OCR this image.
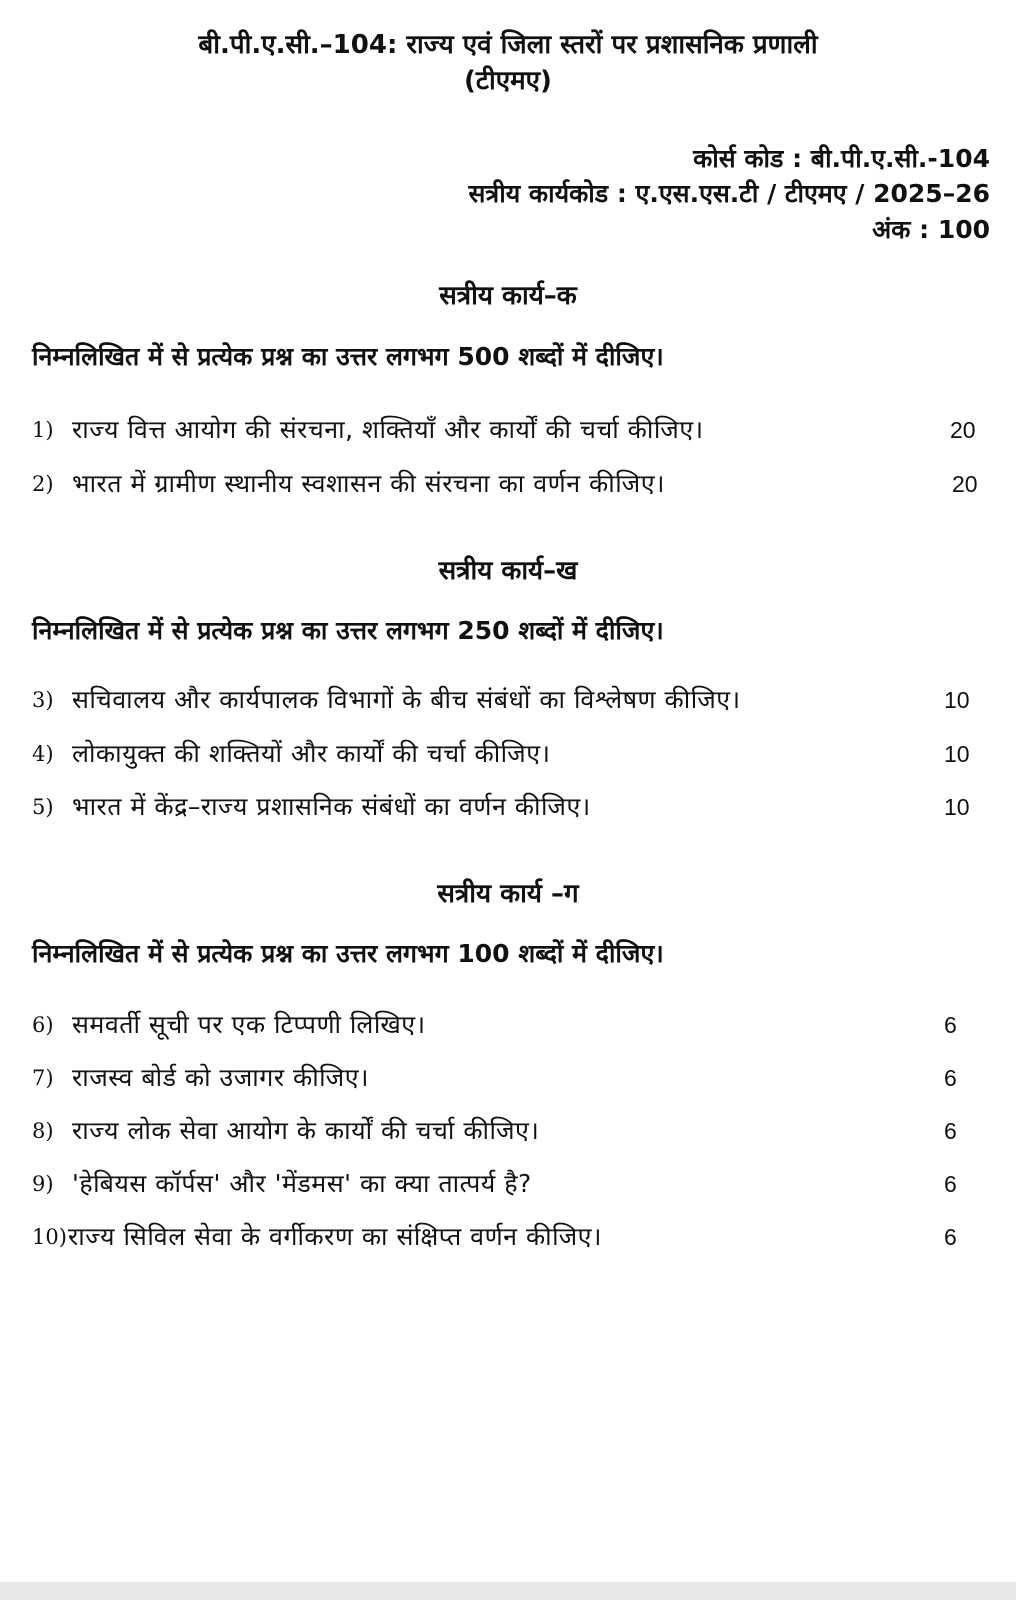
बी.पी.ए.सी.–104: राज्य एवं जिला स्तरों पर प्रशासनिक प्रणाली
(टीएमए)
कोर्स कोड : बी.पी.ए.सी.-104
सत्रीय कार्यकोड : ए.एस.एस.टी / टीएमए / 2025–26
अंक : 100
सत्रीय कार्य–क
निम्नलिखित में से प्रत्येक प्रश्न का उत्तर लगभग 500 शब्दों में दीजिए।
1) राज्य वित्त आयोग की संरचना, शक्तियाँ और कार्यों की चर्चा कीजिए।	20
2) भारत में ग्रामीण स्थानीय स्वशासन की संरचना का वर्णन कीजिए।	20
सत्रीय कार्य–ख
निम्नलिखित में से प्रत्येक प्रश्न का उत्तर लगभग 250 शब्दों में दीजिए।
3) सचिवालय और कार्यपालक विभागों के बीच संबंधों का विश्लेषण कीजिए।	10
4) लोकायुक्त की शक्तियों और कार्यों की चर्चा कीजिए।	10
5) भारत में केंद्र–राज्य प्रशासनिक संबंधों का वर्णन कीजिए।	10
सत्रीय कार्य –ग
निम्नलिखित में से प्रत्येक प्रश्न का उत्तर लगभग 100 शब्दों में दीजिए।
6) समवर्ती सूची पर एक टिप्पणी लिखिए।	6
7) राजस्व बोर्ड को उजागर कीजिए।	6
8) राज्य लोक सेवा आयोग के कार्यों की चर्चा कीजिए।	6
9) 'हेबियस कॉर्पस' और 'मेंडमस' का क्या तात्पर्य है?	6
10) राज्य सिविल सेवा के वर्गीकरण का संक्षिप्त वर्णन कीजिए।	6
